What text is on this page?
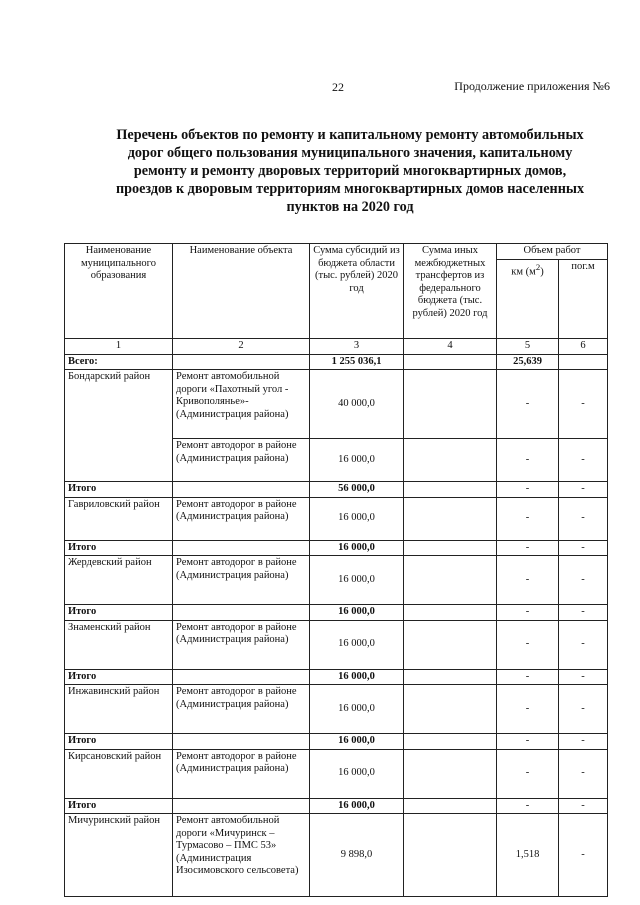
22	Продолжение приложения №6
Перечень объектов по ремонту и капитальному ремонту автомобильных
дорог общего пользования муниципального значения, капитальному
ремонту и ремонту дворовых территорий многоквартирных домов,
проездов к дворовым территориям многоквартирных домов населенных
пунктов на 2020 год
Наименование муниципального образования	Наименование объекта	Сумма субсидий из бюджета области (тыс. рублей) 2020 год	Сумма иных межбюджетных трансфертов из федерального бюджета (тыс. рублей) 2020 год	Объем работ	
				км $(м^2)$	пог.м
1	2	3	4	5	6
Всего:		1 255 036,1		25,639	
Бондарский район	Ремонт автомобильной дороги «Пахотный угол - Кривополянье»-(Администрация района)	40 000,0		-	-
	Ремонт автодорог в районе (Администрация района)	16 000,0		-	-
Итого		56 000,0		-	-
Гавриловский район	Ремонт автодорог в районе (Администрация района)	16 000,0		-	-
Итого		16 000,0		-	-
Жердевский район	Ремонт автодорог в районе (Администрация района)	16 000,0		-	-
Итого		16 000,0		-	-
Знаменский район	Ремонт автодорог в районе (Администрация района)	16 000,0		-	-
Итого		16 000,0		-	-
Инжавинский район	Ремонт автодорог в районе (Администрация района)	16 000,0		-	-
Итого		16 000,0		-	-
Кирсановский район	Ремонт автодорог в районе (Администрация района)	16 000,0		-	-
Итого		16 000,0		-	-
Мичуринский район	Ремонт автомобильной дороги «Мичуринск – Турмасово – ПМС 53» (Администрация Изосимовского сельсовета)	9 898,0		1,518	-
